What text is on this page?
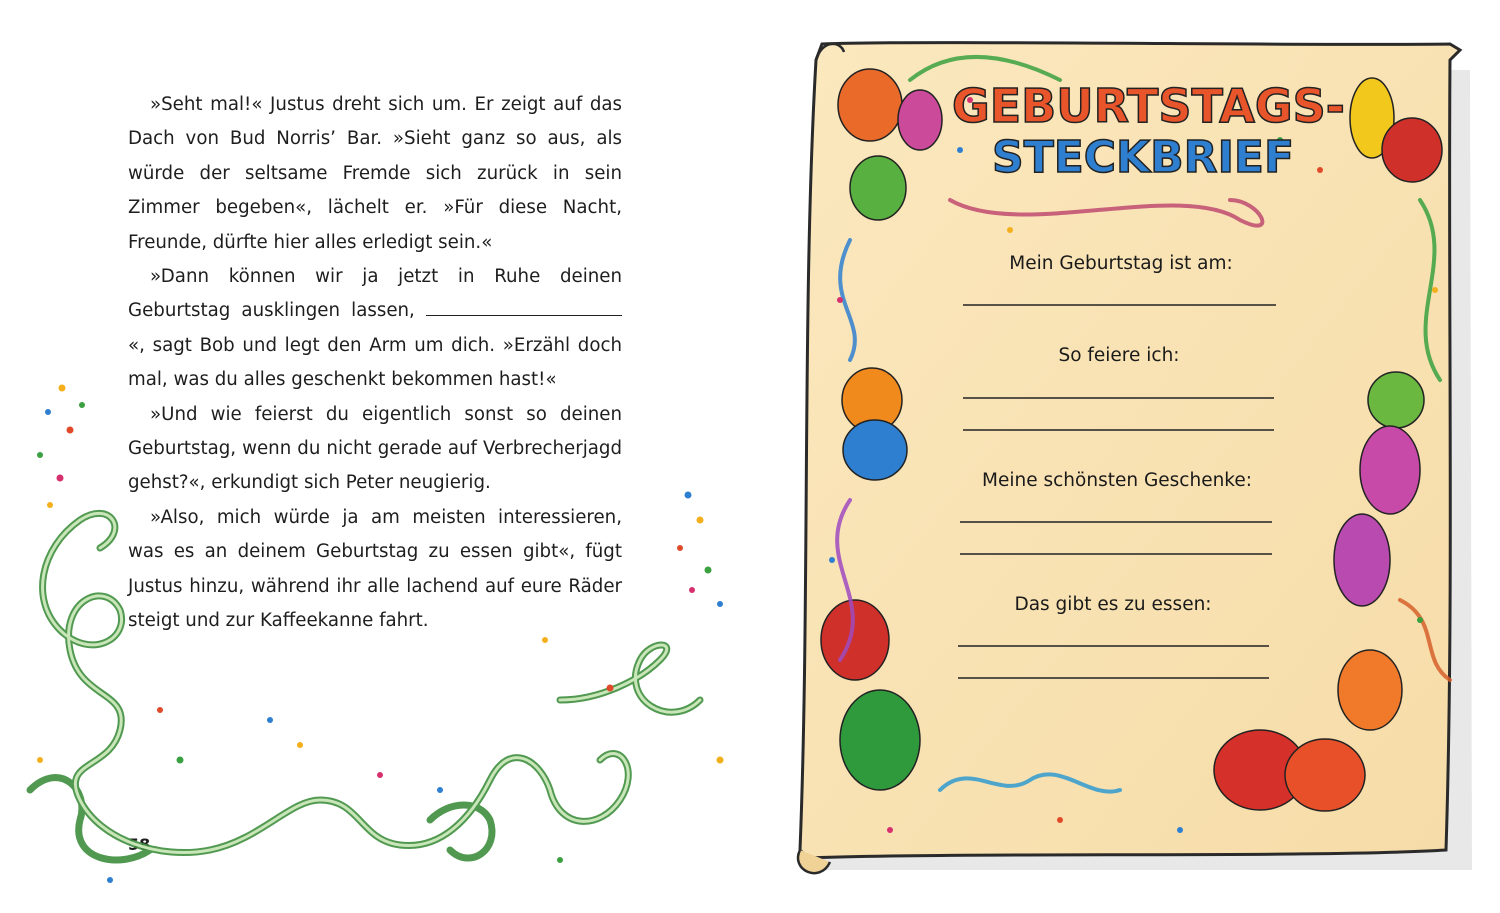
»Seht mal!« Justus dreht sich um. Er zeigt auf das Dach von Bud Norris’ Bar. »Sieht ganz so aus, als würde der seltsame Fremde sich zurück in sein Zimmer begeben«, lächelt er. »Für diese Nacht, Freunde, dürfte hier alles erledigt sein.«

»Dann können wir ja jetzt in Ruhe deinen Geburtstag ausklingen lassen, «, sagt Bob und legt den Arm um dich. »Erzähl doch mal, was du alles geschenkt bekommen hast!«

»Und wie feierst du eigentlich sonst so deinen Geburtstag, wenn du nicht gerade auf Verbrecherjagd gehst?«, erkundigt sich Peter neugierig.

»Also, mich würde ja am meisten interessieren, was es an deinem Geburtstag zu essen gibt«, fügt Justus hinzu, während ihr alle lachend auf eure Räder steigt und zur Kaffeekanne fahrt.

58
GEBURTSTAGS-
STECKBRIEF
Mein Geburtstag ist am:
So feiere ich:
Meine schönsten Geschenke:
Das gibt es zu essen:
